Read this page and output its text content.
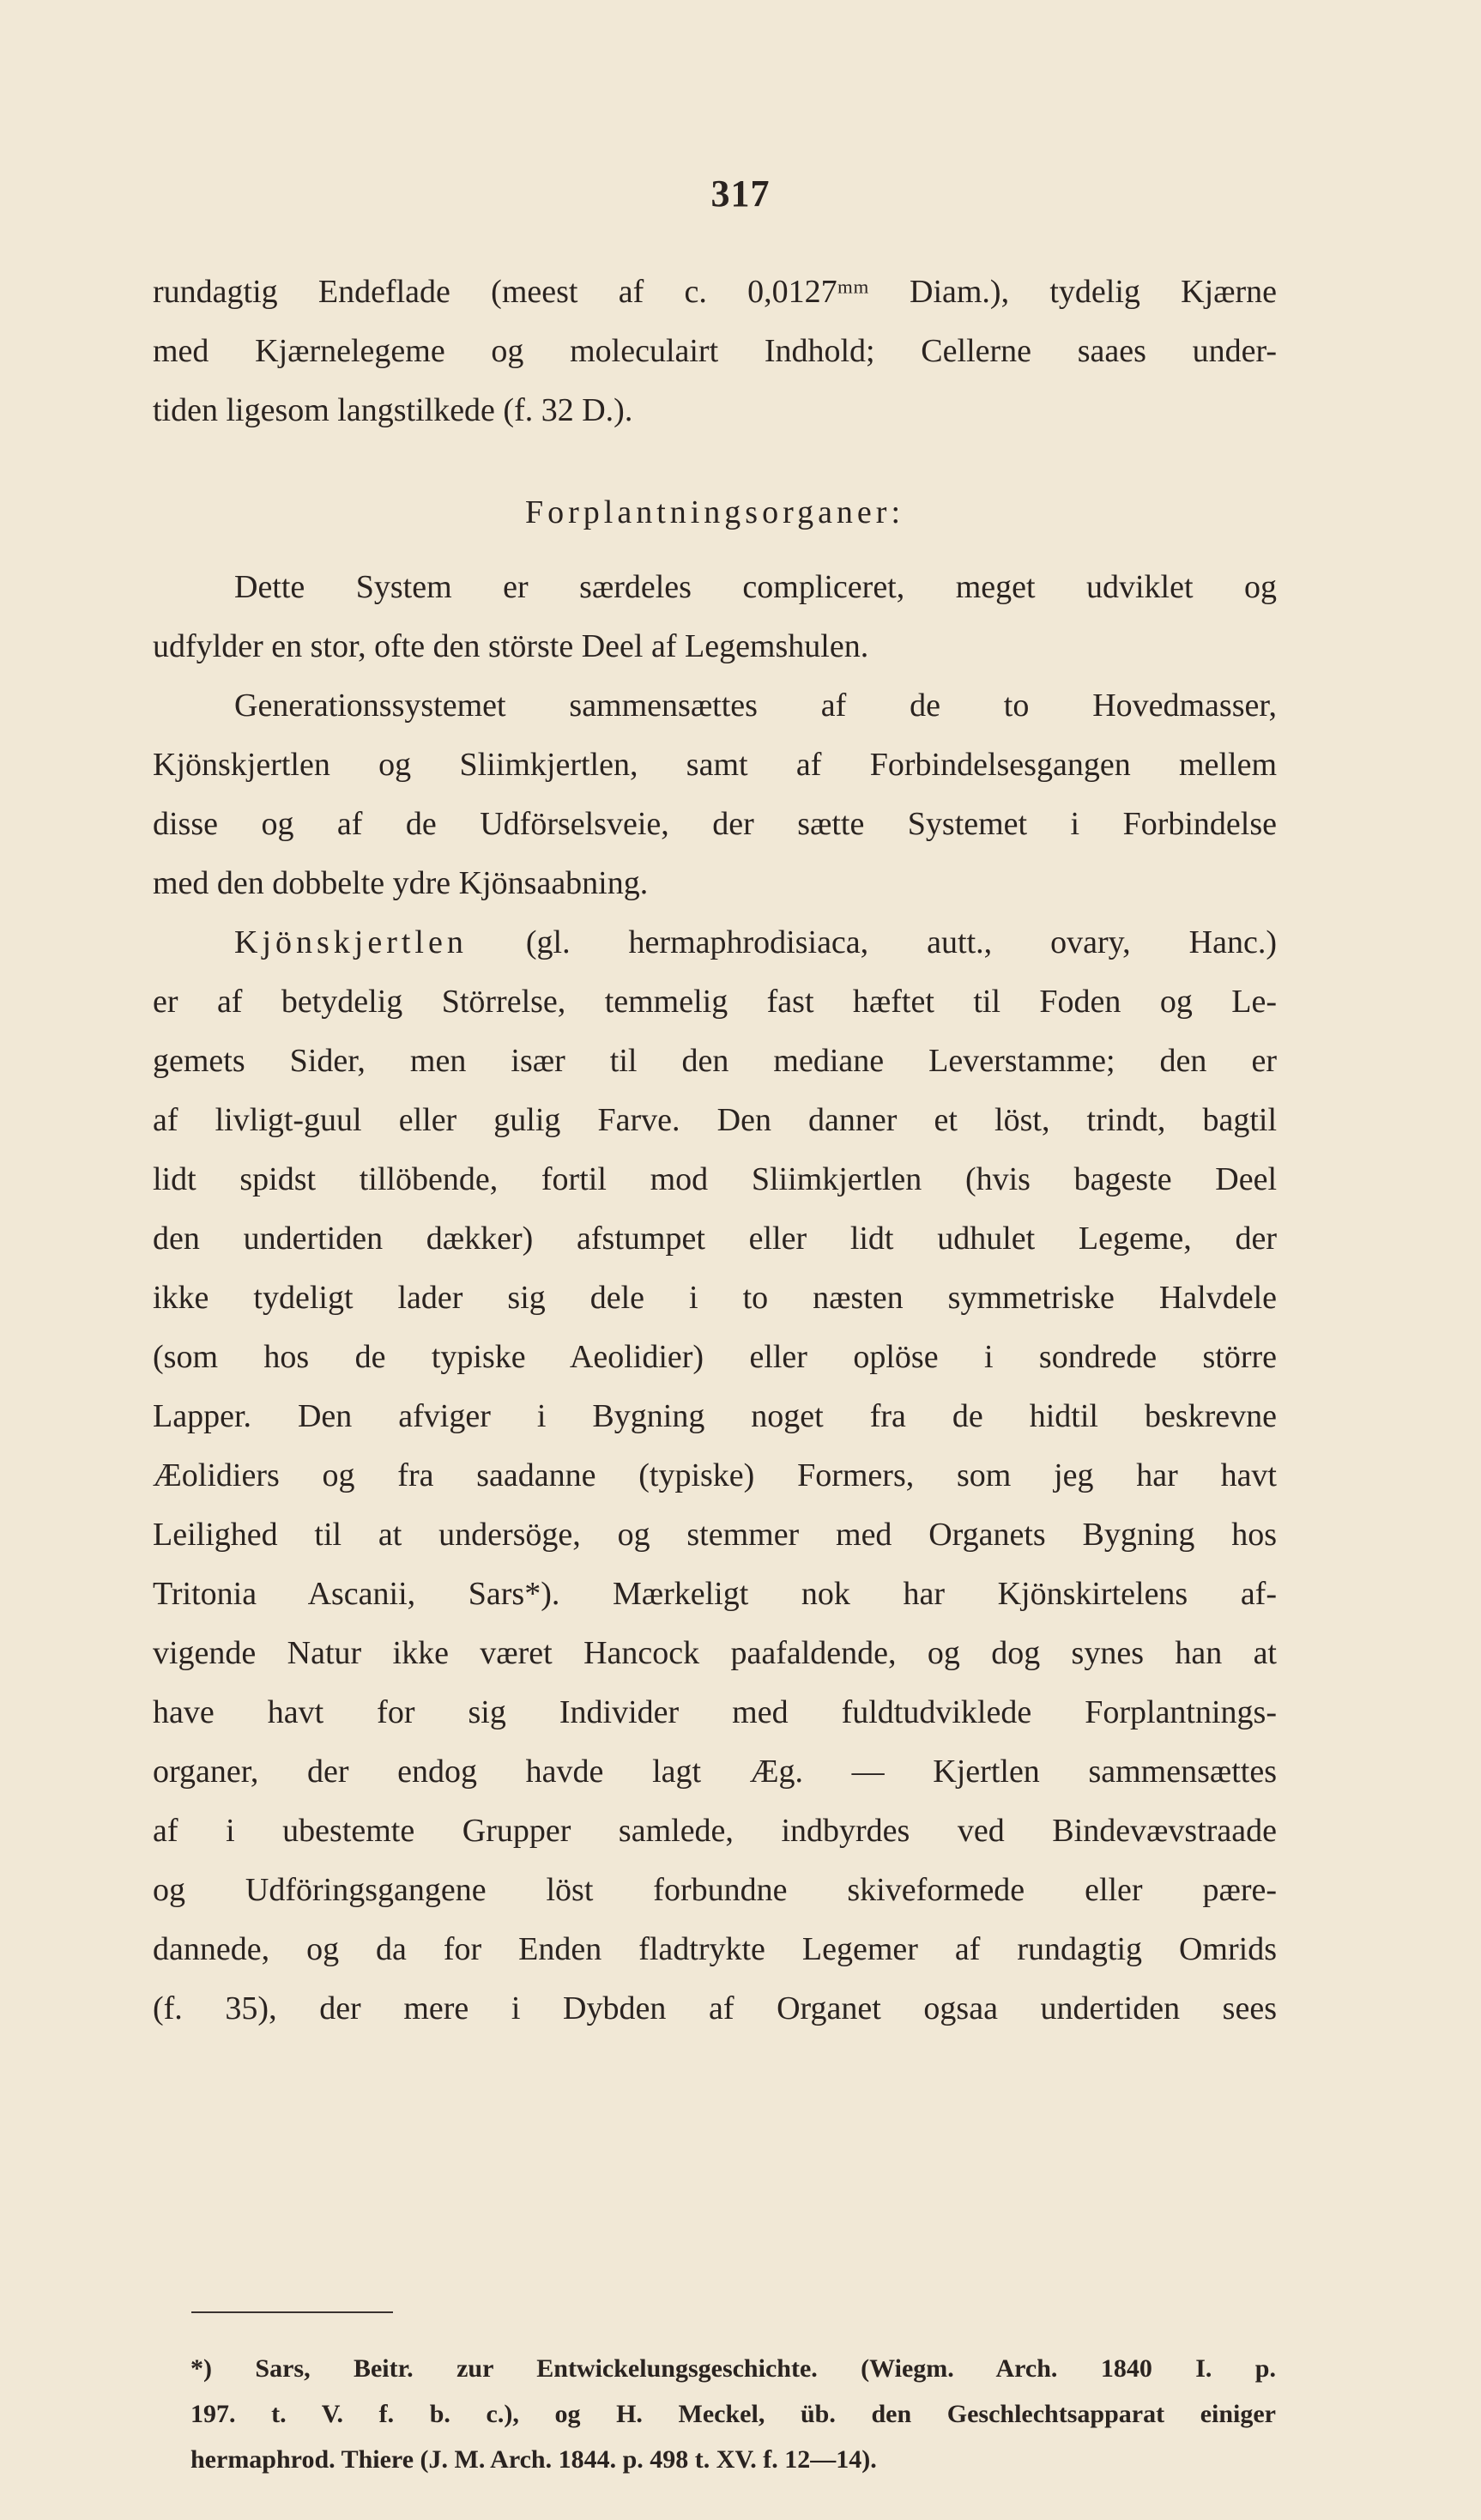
317
rundagtig Endeflade (meest af c. 0,0127ᵐᵐ Diam.), tydelig Kjærne
med Kjærnelegeme og moleculairt Indhold; Cellerne saaes under-
tiden ligesom langstilkede (f. 32 D.).
Forplantningsorganer:
Dette System er særdeles compliceret, meget udviklet og
udfylder en stor, ofte den störste Deel af Legemshulen.
Generationssystemet sammensættes af de to Hovedmasser,
Kjönskjertlen og Sliimkjertlen, samt af Forbindelsesgangen mellem
disse og af de Udförselsveie, der sætte Systemet i Forbindelse
med den dobbelte ydre Kjönsaabning.
Kjönskjertlen (gl. hermaphrodisiaca, autt., ovary, Hanc.)
er af betydelig Störrelse, temmelig fast hæftet til Foden og Le-
gemets Sider, men især til den mediane Leverstamme; den er
af livligt-guul eller gulig Farve. Den danner et löst, trindt, bagtil
lidt spidst tillöbende, fortil mod Sliimkjertlen (hvis bageste Deel
den undertiden dækker) afstumpet eller lidt udhulet Legeme, der
ikke tydeligt lader sig dele i to næsten symmetriske Halvdele
(som hos de typiske Aeolidier) eller oplöse i sondrede större
Lapper. Den afviger i Bygning noget fra de hidtil beskrevne
Æolidiers og fra saadanne (typiske) Formers, som jeg har havt
Leilighed til at undersöge, og stemmer med Organets Bygning hos
Tritonia Ascanii, Sars*). Mærkeligt nok har Kjönskirtelens af-
vigende Natur ikke været Hancock paafaldende, og dog synes han at
have havt for sig Individer med fuldtudviklede Forplantnings-
organer, der endog havde lagt Æg. — Kjertlen sammensættes
af i ubestemte Grupper samlede, indbyrdes ved Bindevævstraade
og Udföringsgangene löst forbundne skiveformede eller pære-
dannede, og da for Enden fladtrykte Legemer af rundagtig Omrids
(f. 35), der mere i Dybden af Organet ogsaa undertiden sees
*) Sars, Beitr. zur Entwickelungsgeschichte. (Wiegm. Arch. 1840 I. p.
197. t. V. f. b. c.), og H. Meckel, üb. den Geschlechtsapparat einiger
hermaphrod. Thiere (J. M. Arch. 1844. p. 498 t. XV. f. 12—14).
